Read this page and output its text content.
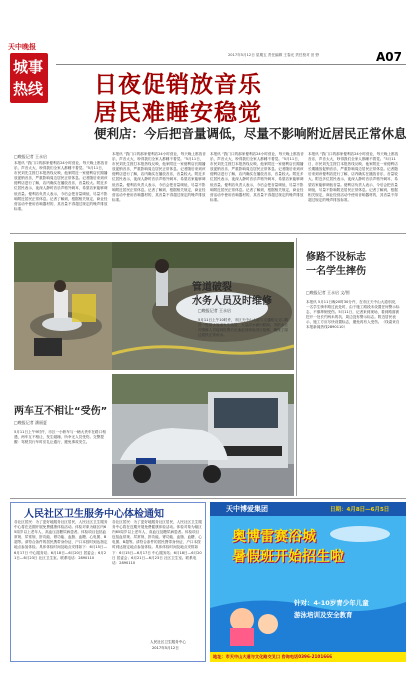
天中晚报
城事
热线
2017年5月12日 星期五 责任编辑 王春光 责任校对 田 野	A07
日夜促销放音乐
居民难睡安稳觉
便利店：今后把音量调低，尽量不影响附近居民正常休息
□晚报记者 王永启
本报讯 “我门口的那家便利店24小时营业，每天晚上都放音乐，声音太大，吵得我们全家人都睡不着觉。”5月11日，市民刘先生拨打本报热线反映，他家附近一家便利店长期播放促销音乐，严重影响周边居民正常休息。记者随后来到该便利店进行了解，店内确实在播放音乐，音量较大。附近多位居民表示，夜深人静时音乐声格外刺耳，希望店家能够调低音量。便利店负责人表示，今后会把音量调低，尽量不影响附近居民正常休息。记者了解到，根据相关规定，商业经营活动中使用音响器材的，其音量不得超过规定的噪声排放标准。
本报讯 “我门口的那家便利店24小时营业，每天晚上都放音乐，声音太大，吵得我们全家人都睡不着觉。”5月11日，市民刘先生拨打本报热线反映，他家附近一家便利店长期播放促销音乐，严重影响周边居民正常休息。记者随后来到该便利店进行了解，店内确实在播放音乐，音量较大。附近多位居民表示，夜深人静时音乐声格外刺耳，希望店家能够调低音量。便利店负责人表示，今后会把音量调低，尽量不影响附近居民正常休息。记者了解到，根据相关规定，商业经营活动中使用音响器材的，其音量不得超过规定的噪声排放标准。
本报讯 “我门口的那家便利店24小时营业，每天晚上都放音乐，声音太大，吵得我们全家人都睡不着觉。”5月11日，市民刘先生拨打本报热线反映，他家附近一家便利店长期播放促销音乐，严重影响周边居民正常休息。记者随后来到该便利店进行了解，店内确实在播放音乐，音量较大。附近多位居民表示，夜深人静时音乐声格外刺耳，希望店家能够调低音量。便利店负责人表示，今后会把音量调低，尽量不影响附近居民正常休息。记者了解到，根据相关规定，商业经营活动中使用音响器材的，其音量不得超过规定的噪声排放标准。
本报讯 “我门口的那家便利店24小时营业，每天晚上都放音乐，声音太大，吵得我们全家人都睡不着觉。”5月11日，市民刘先生拨打本报热线反映，他家附近一家便利店长期播放促销音乐，严重影响周边居民正常休息。记者随后来到该便利店进行了解，店内确实在播放音乐，音量较大。附近多位居民表示，夜深人静时音乐声格外刺耳，希望店家能够调低音量。便利店负责人表示，今后会把音量调低，尽量不影响附近居民正常休息。记者了解到，根据相关规定，商业经营活动中使用音响器材的，其音量不得超过规定的噪声排放标准。
管道破裂
水务人员及时维修
□晚报记者 王永启
5月11日上午10时许，市区天中山大道与交通路交叉口附近一处供水管道发生破裂，大量清水涌出路面。市供水公司维修人员接到报警后迅速赶到现场进行抢修，确保了周边居民正常用水。
修路不设标志
一名学生摔伤
□晚报记者 王永启 文/图
本报讯 5月11日晚20时30分许，在市区天中山大道东段，一名学生骑车路过此处时，由于施工路段未设置任何警示标志，不慎摔倒受伤。5月11日，记者来到现场，看到路面被挖开一处长约两米的坑，周边没有警示标志。附近居民表示，施工方应尽快设置标志，避免再有人受伤。（线索来自本报新闻热线2890110）
两车互不相让“受伤”
□晚报记者 潘丽夏
5月11日上午9时许，市区一小轿车与一辆大货车在路口相遇，两车互不相让，发生碰撞，所幸无人员受伤。交警提醒：驾驶员行车时应礼让通行，避免事故发生。
人民社区卫生服务中心体检通知
各社区居民：为了更好地服务社区居民，人民社区卫生服务中心将在近期开展免费健康体检活动。体检对象为辖区内65周岁以上老年人、高血压及糖尿病患者。体检项目包括血常规、尿常规、肝功能、肾功能、血脂、血糖、心电图、B超等。请符合条件的居民携带身份证、户口本按时到达指定地点参加体检。具体体检时间及地点安排如下：6月15日—6月17日 中心服务站；6月18日—6月20日 居委会；6月21日—6月23日 社区卫生室。联系电话：2890110
各社区居民：为了更好地服务社区居民，人民社区卫生服务中心将在近期开展免费健康体检活动。体检对象为辖区内65周岁以上老年人、高血压及糖尿病患者。体检项目包括血常规、尿常规、肝功能、肾功能、血脂、血糖、心电图、B超等。请符合条件的居民携带身份证、户口本按时到达指定地点参加体检。具体体检时间及地点安排如下：6月15日—6月17日 中心服务站；6月18日—6月20日 居委会；6月21日—6月23日 社区卫生室。联系电话：2890110
人民社区卫生服务中心
2017年5月12日
天中博爱集团	日期：4月8日—6月5日
奥博雷赛浴城
暑假班开始招生啦
针对：4-10岁青少年儿童
游泳培训及安全教育
地址：市天中山大道与文化路交叉口 咨询电话0396-2101666
